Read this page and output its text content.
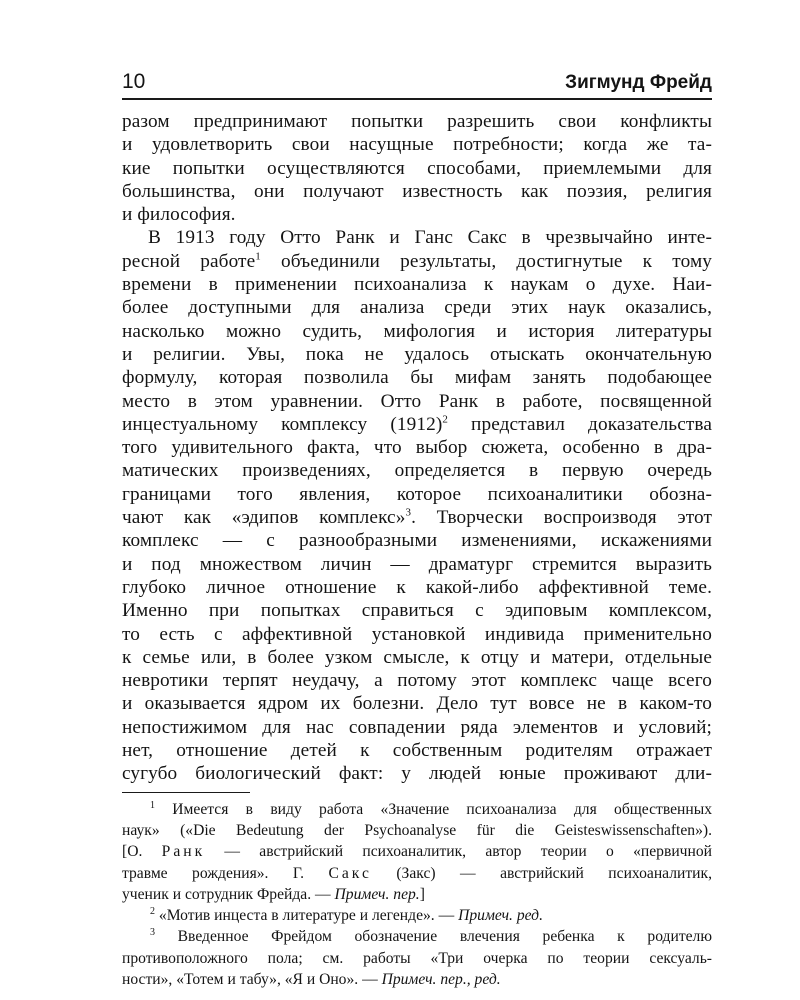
10	Зигмунд Фрейд
разом предпринимают попытки разрешить свои конфликты
и удовлетворить свои насущные потребности; когда же та-
кие попытки осуществляются способами, приемлемыми для
большинства, они получают известность как поэзия, религия
и философия.
В 1913 году Отто Ранк и Ганс Сакс в чрезвычайно инте-
ресной работе$^1$ объединили результаты, достигнутые к тому
времени в применении психоанализа к наукам о духе. Наи-
более доступными для анализа среди этих наук оказались,
насколько можно судить, мифология и история литературы
и религии. Увы, пока не удалось отыскать окончательную
формулу, которая позволила бы мифам занять подобающее
место в этом уравнении. Отто Ранк в работе, посвященной
инцестуальному комплексу $(1912)^2$ представил доказательства
того удивительного факта, что выбор сюжета, особенно в дра-
матических произведениях, определяется в первую очередь
границами того явления, которое психоаналитики обозна-
чают как «эдипов комплекс»$^3$. Творчески воспроизводя этот
комплекс — с разнообразными изменениями, искажениями
и под множеством личин — драматург стремится выразить
глубоко личное отношение к какой-либо аффективной теме.
Именно при попытках справиться с эдиповым комплексом,
то есть с аффективной установкой индивида применительно
к семье или, в более узком смысле, к отцу и матери, отдельные
невротики терпят неудачу, а потому этот комплекс чаще всего
и оказывается ядром их болезни. Дело тут вовсе не в каком-то
непостижимом для нас совпадении ряда элементов и условий;
нет, отношение детей к собственным родителям отражает
сугубо биологический факт: у людей юные проживают дли-
$^1$ Имеется в виду работа «Значение психоанализа для общественных
наук» («Die Bedeutung der Psychoanalyse für die Geisteswissenschaften»).
[О. Ранк — австрийский психоаналитик, автор теории о «первичной
травме рождения». Г. Сакс (Закс) — австрийский психоаналитик,
ученик и сотрудник Фрейда. — Примеч. пер.]
$^2$ «Мотив инцеста в литературе и легенде». — Примеч. ред.
$^3$ Введенное Фрейдом обозначение влечения ребенка к родителю
противоположного пола; см. работы «Три очерка по теории сексуаль-
ности», «Тотем и табу», «Я и Оно». — Примеч. пер., ред.
